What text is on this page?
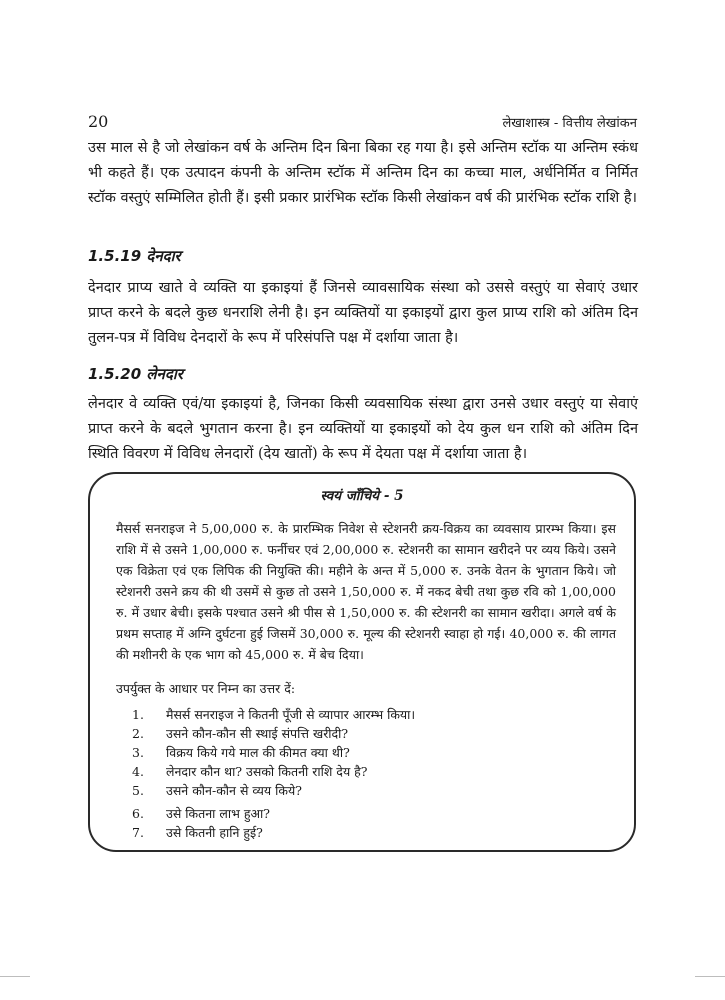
20	लेखाशास्त्र - वित्तीय लेखांकन
उस माल से है जो लेखांकन वर्ष के अन्तिम दिन बिना बिका रह गया है। इसे अन्तिम स्टॉक या अन्तिम स्कंध भी कहते हैं। एक उत्पादन कंपनी के अन्तिम स्टॉक में अन्तिम दिन का कच्चा माल, अर्धनिर्मित व निर्मित स्टॉक वस्तुएं सम्मिलित होती हैं। इसी प्रकार प्रारंभिक स्टॉक किसी लेखांकन वर्ष की प्रारंभिक स्टॉक राशि है।
1.5.19 देनदार
देनदार प्राप्य खाते वे व्यक्ति या इकाइयां हैं जिनसे व्यावसायिक संस्था को उससे वस्तुएं या सेवाएं उधार प्राप्त करने के बदले कुछ धनराशि लेनी है। इन व्यक्तियों या इकाइयों द्वारा कुल प्राप्य राशि को अंतिम दिन तुलन-पत्र में विविध देनदारों के रूप में परिसंपत्ति पक्ष में दर्शाया जाता है।
1.5.20 लेनदार
लेनदार वे व्यक्ति एवं/या इकाइयां है, जिनका किसी व्यवसायिक संस्था द्वारा उनसे उधार वस्तुएं या सेवाएं प्राप्त करने के बदले भुगतान करना है। इन व्यक्तियों या इकाइयों को देय कुल धन राशि को अंतिम दिन स्थिति विवरण में विविध लेनदारों (देय खातों) के रूप में देयता पक्ष में दर्शाया जाता है।
स्वयं जाँचिये - 5
मैसर्स सनराइज ने 5,00,000 रु. के प्रारम्भिक निवेश से स्टेशनरी क्रय-विक्रय का व्यवसाय प्रारम्भ किया। इस राशि में से उसने 1,00,000 रु. फर्नीचर एवं 2,00,000 रु. स्टेशनरी का सामान खरीदने पर व्यय किये। उसने एक विक्रेता एवं एक लिपिक की नियुक्ति की। महीने के अन्त में 5,000 रु. उनके वेतन के भुगतान किये। जो स्टेशनरी उसने क्रय की थी उसमें से कुछ तो उसने 1,50,000 रु. में नकद बेची तथा कुछ रवि को 1,00,000 रु. में उधार बेची। इसके पश्चात उसने श्री पीस से 1,50,000 रु. की स्टेशनरी का सामान खरीदा। अगले वर्ष के प्रथम सप्ताह में अग्नि दुर्घटना हुई जिसमें 30,000 रु. मूल्य की स्टेशनरी स्वाहा हो गई। 40,000 रु. की लागत की मशीनरी के एक भाग को 45,000 रु. में बेच दिया।
उपर्युक्त के आधार पर निम्न का उत्तर दें:
1. मैसर्स सनराइज ने कितनी पूँजी से व्यापार आरम्भ किया।
2. उसने कौन-कौन सी स्थाई संपत्ति खरीदी?
3. विक्रय किये गये माल की कीमत क्या थी?
4. लेनदार कौन था? उसको कितनी राशि देय है?
5. उसने कौन-कौन से व्यय किये?
6. उसे कितना लाभ हुआ?
7. उसे कितनी हानि हुई?
